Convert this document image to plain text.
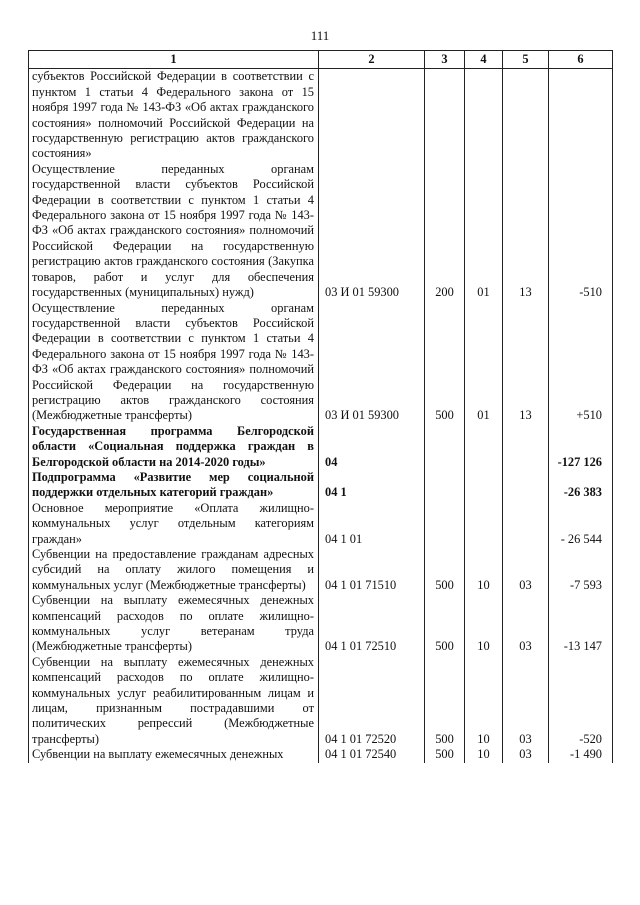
111
1	2	3	4	5	6
субъектов Российской Федерации в соответствии с пунктом 1 статьи 4 Федерального закона от 15 ноября 1997 года № 143-ФЗ «Об актах гражданского состояния» полномочий Российской Федерации на государственную регистрацию актов гражданского состояния»					
Осуществление переданных органам государственной власти субъектов Российской Федерации в соответствии с пунктом 1 статьи 4 Федерального закона от 15 ноября 1997 года № 143-ФЗ «Об актах гражданского состояния» полномочий Российской Федерации на государственную регистрацию актов гражданского состояния (Закупка товаров, работ и услуг для обеспечения государственных (муниципальных) нужд)	03 И 01 59300	200	01	13	-510
Осуществление переданных органам государственной власти субъектов Российской Федерации в соответствии с пунктом 1 статьи 4 Федерального закона от 15 ноября 1997 года № 143-ФЗ «Об актах гражданского состояния» полномочий Российской Федерации на государственную регистрацию актов гражданского состояния (Межбюджетные трансферты)	03 И 01 59300	500	01	13	+510
Государственная программа Белгородской области «Социальная поддержка граждан в Белгородской области на 2014-2020 годы»	04				-127 126
Подпрограмма «Развитие мер социальной поддержки отдельных категорий граждан»	04 1				-26 383
Основное мероприятие «Оплата жилищно-коммунальных услуг отдельным категориям граждан»	04 1 01				- 26 544
Субвенции на предоставление гражданам адресных субсидий на оплату жилого помещения и коммунальных услуг (Межбюджетные трансферты)	04 1 01 71510	500	10	03	-7 593
Субвенции на выплату ежемесячных денежных компенсаций расходов по оплате жилищно-коммунальных услуг ветеранам труда (Межбюджетные трансферты)	04 1 01 72510	500	10	03	-13 147
Субвенции на выплату ежемесячных денежных компенсаций расходов по оплате жилищно-коммунальных услуг реабилитированным лицам и лицам, признанным пострадавшими от политических репрессий (Межбюджетные трансферты)	04 1 01 72520	500	10	03	-520
Субвенции на выплату ежемесячных денежных	04 1 01 72540	500	10	03	-1 490
